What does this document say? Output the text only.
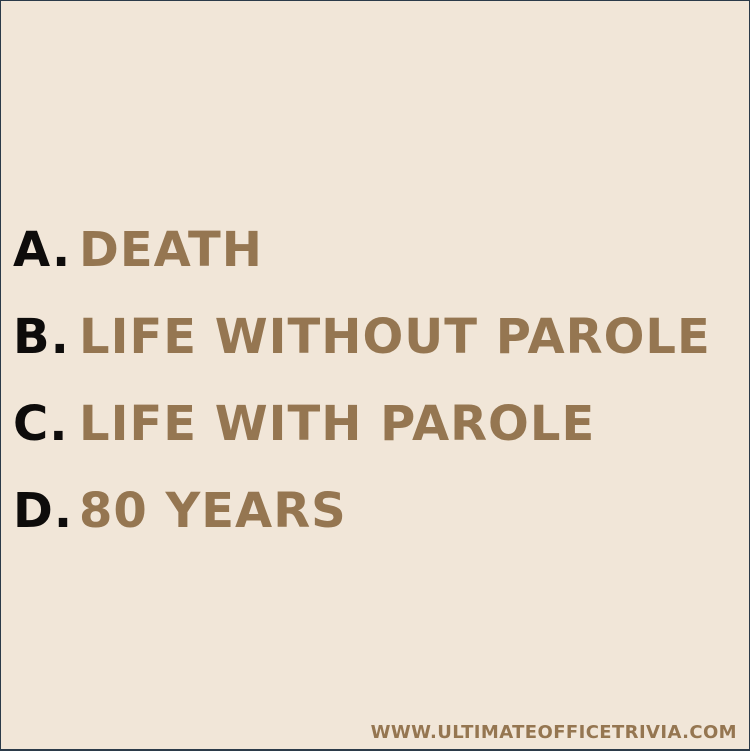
A. DEATH
B. LIFE WITHOUT PAROLE
C. LIFE WITH PAROLE
D. 80 YEARS
WWW.ULTIMATEOFFICETRIVIA.COM
